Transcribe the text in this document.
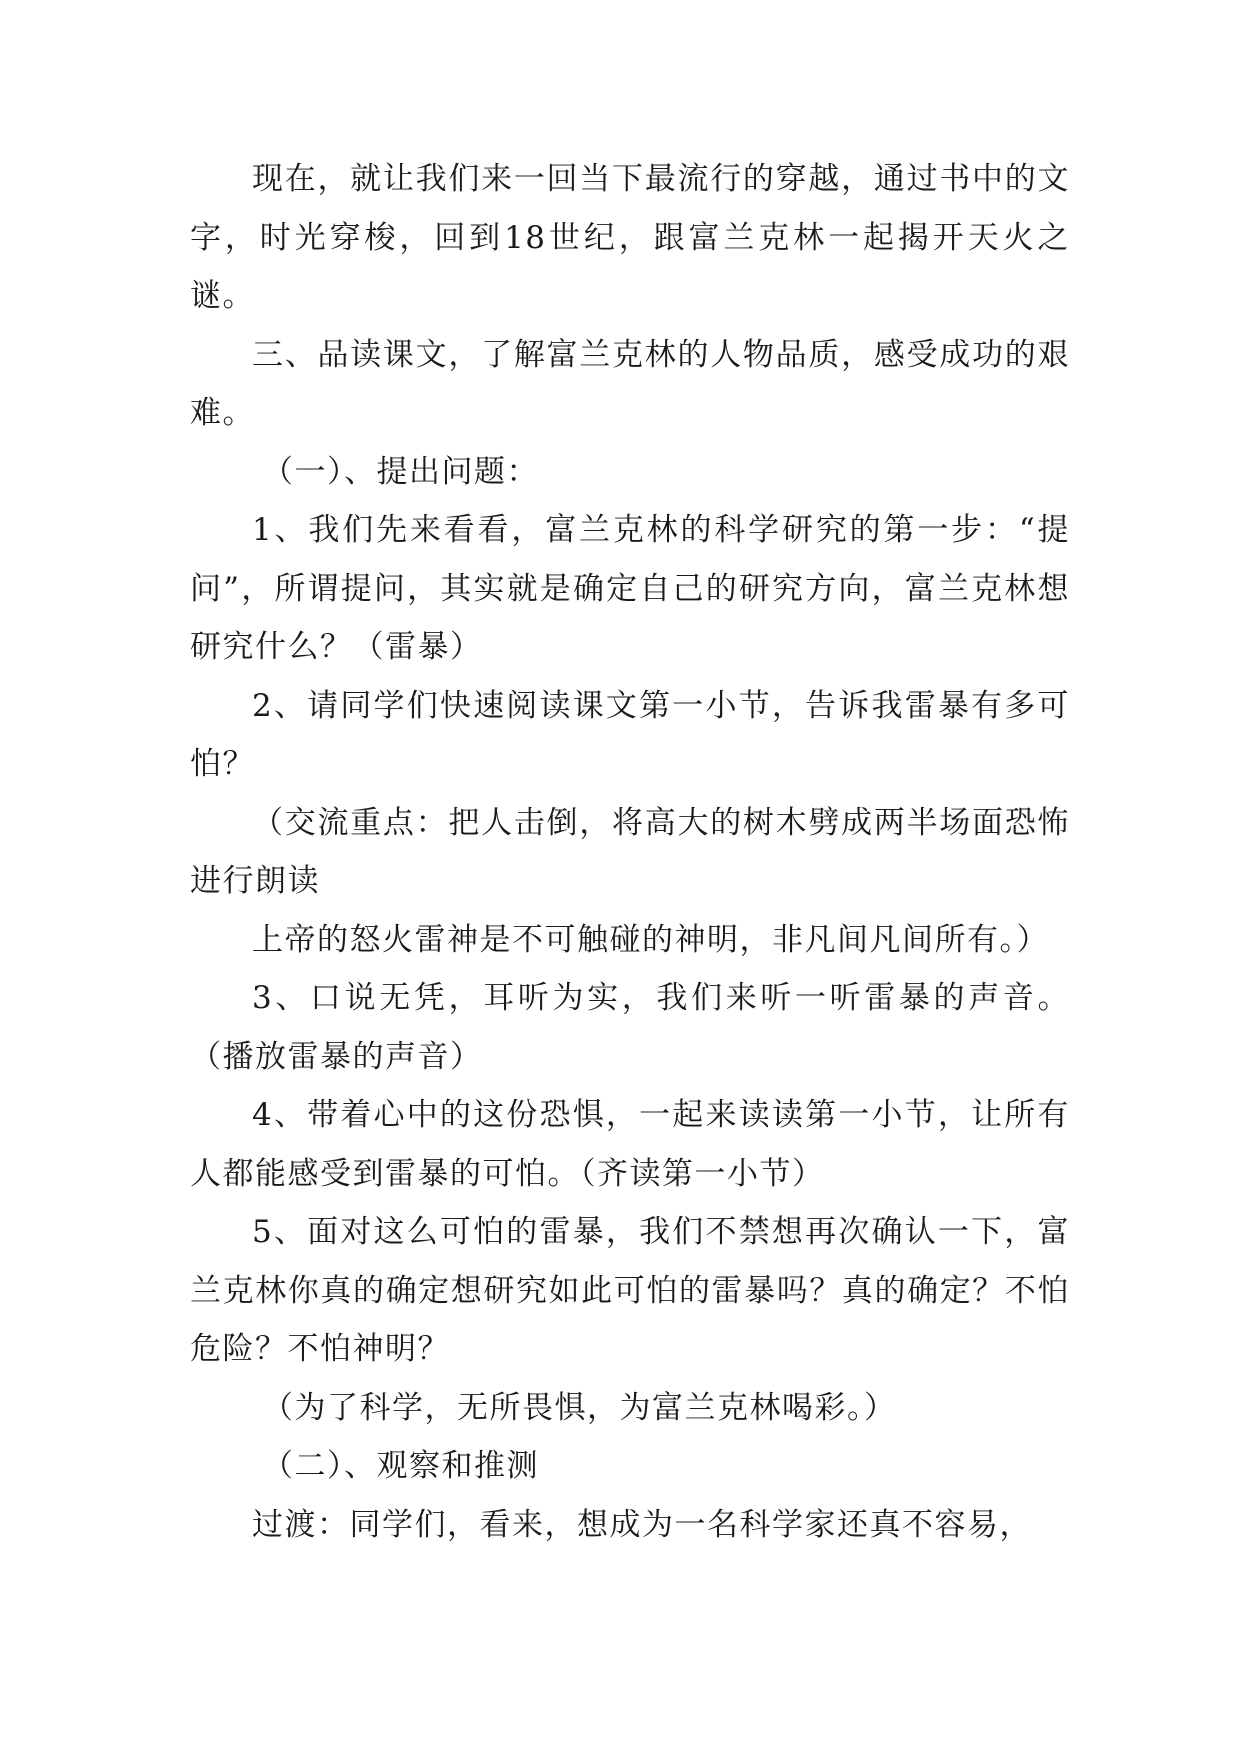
现在，就让我们来一回当下最流行的穿越，通过书中的文字，时光穿梭，回到18世纪，跟富兰克林一起揭开天火之谜。

三、品读课文，了解富兰克林的人物品质，感受成功的艰难。

（一）、提出问题：

1、我们先来看看，富兰克林的科学研究的第一步：“提问”，所谓提问，其实就是确定自己的研究方向，富兰克林想研究什么？（雷暴）

2、请同学们快速阅读课文第一小节，告诉我雷暴有多可怕？

（交流重点：把人击倒，将高大的树木劈成两半场面恐怖进行朗读

上帝的怒火雷神是不可触碰的神明，非凡间凡间所有。）

3、口说无凭，耳听为实，我们来听一听雷暴的声音。（播放雷暴的声音）

4、带着心中的这份恐惧，一起来读读第一小节，让所有人都能感受到雷暴的可怕。（齐读第一小节）

5、面对这么可怕的雷暴，我们不禁想再次确认一下，富兰克林你真的确定想研究如此可怕的雷暴吗？真的确定？不怕危险？不怕神明？

（为了科学，无所畏惧，为富兰克林喝彩。）

（二）、观察和推测

过渡：同学们，看来，想成为一名科学家还真不容易，
